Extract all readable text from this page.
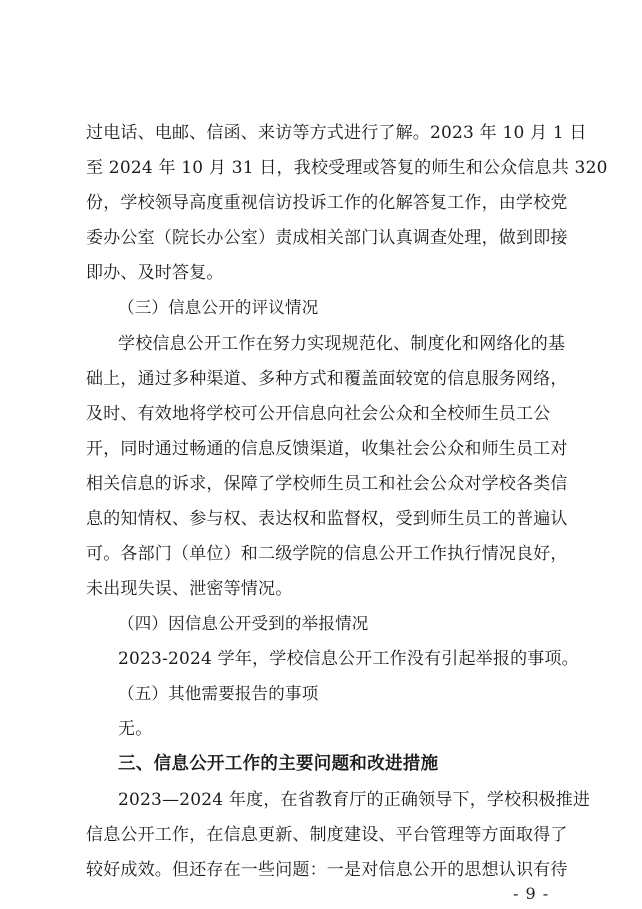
过电话、电邮、信函、来访等方式进行了解。2023 年 10 月 1 日
至 2024 年 10 月 31 日，我校受理或答复的师生和公众信息共 320
份，学校领导高度重视信访投诉工作的化解答复工作，由学校党
委办公室（院长办公室）责成相关部门认真调查处理，做到即接
即办、及时答复。
（三）信息公开的评议情况
学校信息公开工作在努力实现规范化、制度化和网络化的基
础上，通过多种渠道、多种方式和覆盖面较宽的信息服务网络，
及时、有效地将学校可公开信息向社会公众和全校师生员工公
开，同时通过畅通的信息反馈渠道，收集社会公众和师生员工对
相关信息的诉求，保障了学校师生员工和社会公众对学校各类信
息的知情权、参与权、表达权和监督权，受到师生员工的普遍认
可。各部门（单位）和二级学院的信息公开工作执行情况良好，
未出现失误、泄密等情况。
（四）因信息公开受到的举报情况
2023-2024 学年，学校信息公开工作没有引起举报的事项。
（五）其他需要报告的事项
无。
三、信息公开工作的主要问题和改进措施
2023—2024 年度，在省教育厅的正确领导下，学校积极推进
信息公开工作，在信息更新、制度建设、平台管理等方面取得了
较好成效。但还存在一些问题：一是对信息公开的思想认识有待
- 9 -
